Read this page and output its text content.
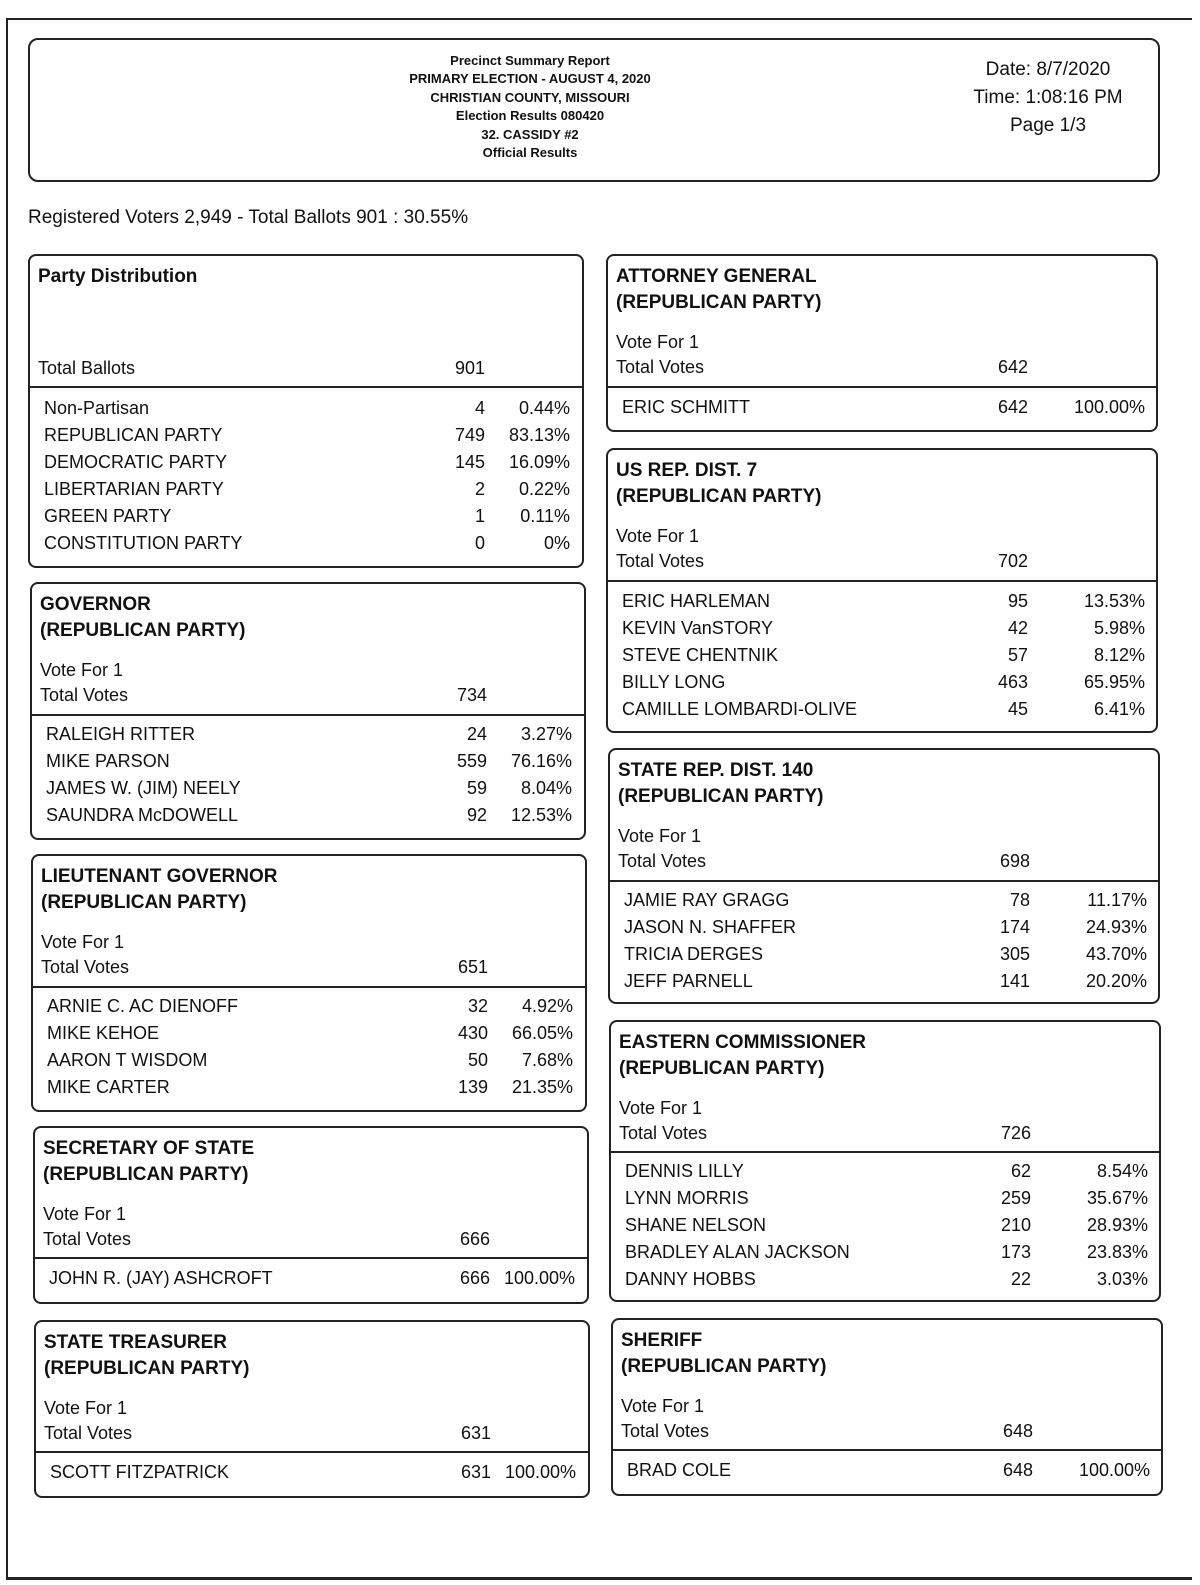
Precinct Summary Report
PRIMARY ELECTION - AUGUST 4, 2020
CHRISTIAN COUNTY, MISSOURI
Election Results 080420
32. CASSIDY #2
Official Results
Date: 8/7/2020
Time: 1:08:16 PM
Page 1/3
Registered Voters 2,949 - Total Ballots 901 : 30.55%
Party Distribution
Total Ballots	901
Non-Partisan	4	0.44%
REPUBLICAN PARTY	749	83.13%
DEMOCRATIC PARTY	145	16.09%
LIBERTARIAN PARTY	2	0.22%
GREEN PARTY	1	0.11%
CONSTITUTION PARTY	0	0%
GOVERNOR
(REPUBLICAN PARTY)
Vote For 1
Total Votes	734
RALEIGH RITTER	24	3.27%
MIKE PARSON	559	76.16%
JAMES W. (JIM) NEELY	59	8.04%
SAUNDRA McDOWELL	92	12.53%
LIEUTENANT GOVERNOR
(REPUBLICAN PARTY)
Vote For 1
Total Votes	651
ARNIE C. AC DIENOFF	32	4.92%
MIKE KEHOE	430	66.05%
AARON T WISDOM	50	7.68%
MIKE CARTER	139	21.35%
SECRETARY OF STATE
(REPUBLICAN PARTY)
Vote For 1
Total Votes	666
JOHN R. (JAY) ASHCROFT	666 100.00%
STATE TREASURER
(REPUBLICAN PARTY)
Vote For 1
Total Votes	631
SCOTT FITZPATRICK	631 100.00%
ATTORNEY GENERAL
(REPUBLICAN PARTY)
Vote For 1
Total Votes	642
ERIC SCHMITT	642	100.00%
US REP. DIST. 7
(REPUBLICAN PARTY)
Vote For 1
Total Votes	702
ERIC HARLEMAN	95	13.53%
KEVIN VanSTORY	42	5.98%
STEVE CHENTNIK	57	8.12%
BILLY LONG	463	65.95%
CAMILLE LOMBARDI-OLIVE	45	6.41%
STATE REP. DIST. 140
(REPUBLICAN PARTY)
Vote For 1
Total Votes	698
JAMIE RAY GRAGG	78	11.17%
JASON N. SHAFFER	174	24.93%
TRICIA DERGES	305	43.70%
JEFF PARNELL	141	20.20%
EASTERN COMMISSIONER
(REPUBLICAN PARTY)
Vote For 1
Total Votes	726
DENNIS LILLY	62	8.54%
LYNN MORRIS	259	35.67%
SHANE NELSON	210	28.93%
BRADLEY ALAN JACKSON	173	23.83%
DANNY HOBBS	22	3.03%
SHERIFF
(REPUBLICAN PARTY)
Vote For 1
Total Votes	648
BRAD COLE	648	100.00%
